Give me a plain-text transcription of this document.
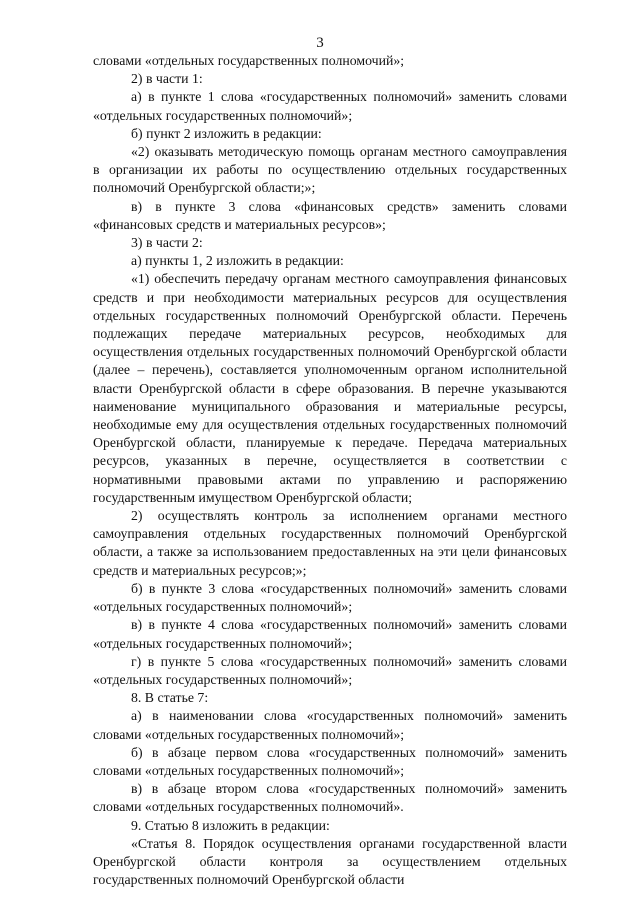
3

словами «отдельных государственных полномочий»;

2) в части 1:

а) в пункте 1 слова «государственных полномочий» заменить словами «отдельных государственных полномочий»;

б) пункт 2 изложить в редакции:

«2) оказывать методическую помощь органам местного самоуправления в организации их работы по осуществлению отдельных государственных полномочий Оренбургской области;»;

в) в пункте 3 слова «финансовых средств» заменить словами «финансовых средств и материальных ресурсов»;

3) в части 2:

а) пункты 1, 2 изложить в редакции:

«1) обеспечить передачу органам местного самоуправления финансовых средств и при необходимости материальных ресурсов для осуществления отдельных государственных полномочий Оренбургской области. Перечень подлежащих передаче материальных ресурсов, необходимых для осуществления отдельных государственных полномочий Оренбургской области (далее – перечень), составляется уполномоченным органом исполнительной власти Оренбургской области в сфере образования. В перечне указываются наименование муниципального образования и материальные ресурсы, необходимые ему для осуществления отдельных государственных полномочий Оренбургской области, планируемые к передаче. Передача материальных ресурсов, указанных в перечне, осуществляется в соответствии с нормативными правовыми актами по управлению и распоряжению государственным имуществом Оренбургской области;

2) осуществлять контроль за исполнением органами местного самоуправления отдельных государственных полномочий Оренбургской области, а также за использованием предоставленных на эти цели финансовых средств и материальных ресурсов;»;

б) в пункте 3 слова «государственных полномочий» заменить словами «отдельных государственных полномочий»;

в) в пункте 4 слова «государственных полномочий» заменить словами «отдельных государственных полномочий»;

г) в пункте 5 слова «государственных полномочий» заменить словами «отдельных государственных полномочий»;

8. В статье 7:

а) в наименовании слова «государственных полномочий» заменить словами «отдельных государственных полномочий»;

б) в абзаце первом слова «государственных полномочий» заменить словами «отдельных государственных полномочий»;

в) в абзаце втором слова «государственных полномочий» заменить словами «отдельных государственных полномочий».

9. Статью 8 изложить в редакции:

«Статья 8. Порядок осуществления органами государственной власти Оренбургской области контроля за осуществлением отдельных государственных полномочий Оренбургской области
